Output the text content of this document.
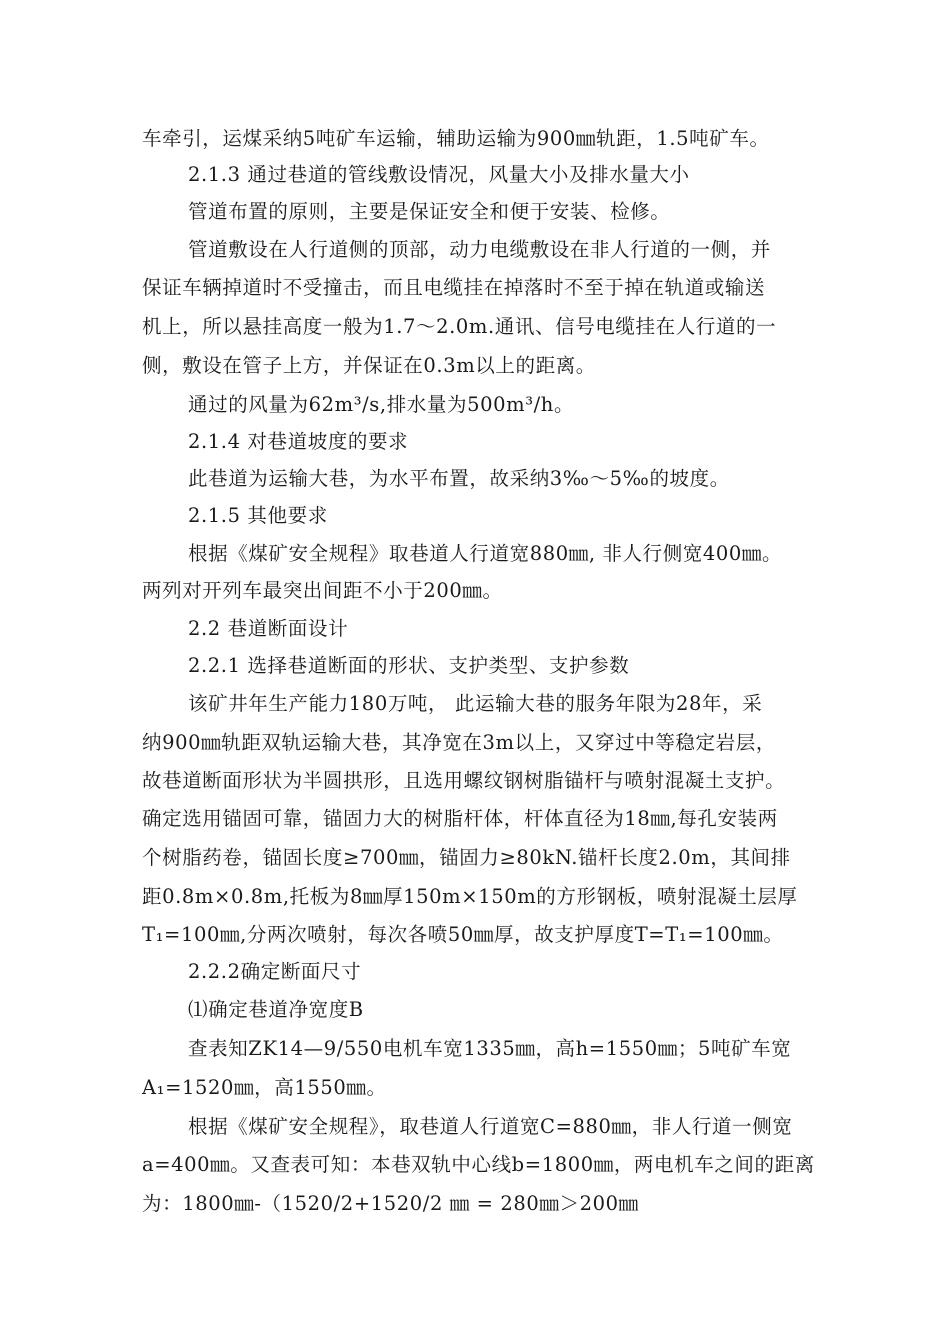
车牵引，运煤采纳5吨矿车运输，辅助运输为900㎜轨距，1.5吨矿车。
2.1.3 通过巷道的管线敷设情况，风量大小及排水量大小
管道布置的原则，主要是保证安全和便于安装、检修。
管道敷设在人行道侧的顶部，动力电缆敷设在非人行道的一侧，并
保证车辆掉道时不受撞击，而且电缆挂在掉落时不至于掉在轨道或输送
机上，所以悬挂高度一般为1.7～2.0m.通讯、信号电缆挂在人行道的一
侧，敷设在管子上方，并保证在0.3m以上的距离。
通过的风量为62m³/s,排水量为500m³/h。
2.1.4 对巷道坡度的要求
此巷道为运输大巷，为水平布置，故采纳3‰～5‰的坡度。
2.1.5 其他要求
根据《煤矿安全规程》取巷道人行道宽880㎜, 非人行侧宽400㎜。
两列对开列车最突出间距不小于200㎜。
2.2 巷道断面设计
2.2.1 选择巷道断面的形状、支护类型、支护参数
该矿井年生产能力180万吨， 此运输大巷的服务年限为28年，采
纳900㎜轨距双轨运输大巷，其净宽在3m以上，又穿过中等稳定岩层，
故巷道断面形状为半圆拱形，且选用螺纹钢树脂锚杆与喷射混凝土支护。
确定选用锚固可靠，锚固力大的树脂杆体，杆体直径为18㎜,每孔安装两
个树脂药卷，锚固长度≥700㎜，锚固力≥80kN.锚杆长度2.0m，其间排
距0.8m×0.8m,托板为8㎜厚150m×150m的方形钢板，喷射混凝土层厚
T₁=100㎜,分两次喷射，每次各喷50㎜厚，故支护厚度T=T₁=100㎜。
2.2.2确定断面尺寸
⑴确定巷道净宽度B
查表知ZK14—9/550电机车宽1335㎜，高h=1550㎜；5吨矿车宽
A₁=1520㎜，高1550㎜。
根据《煤矿安全规程》，取巷道人行道宽C=880㎜，非人行道一侧宽
a=400㎜。又查表可知：本巷双轨中心线b=1800㎜，两电机车之间的距离
为：1800㎜-（1520/2+1520/2 ㎜ = 280㎜＞200㎜
